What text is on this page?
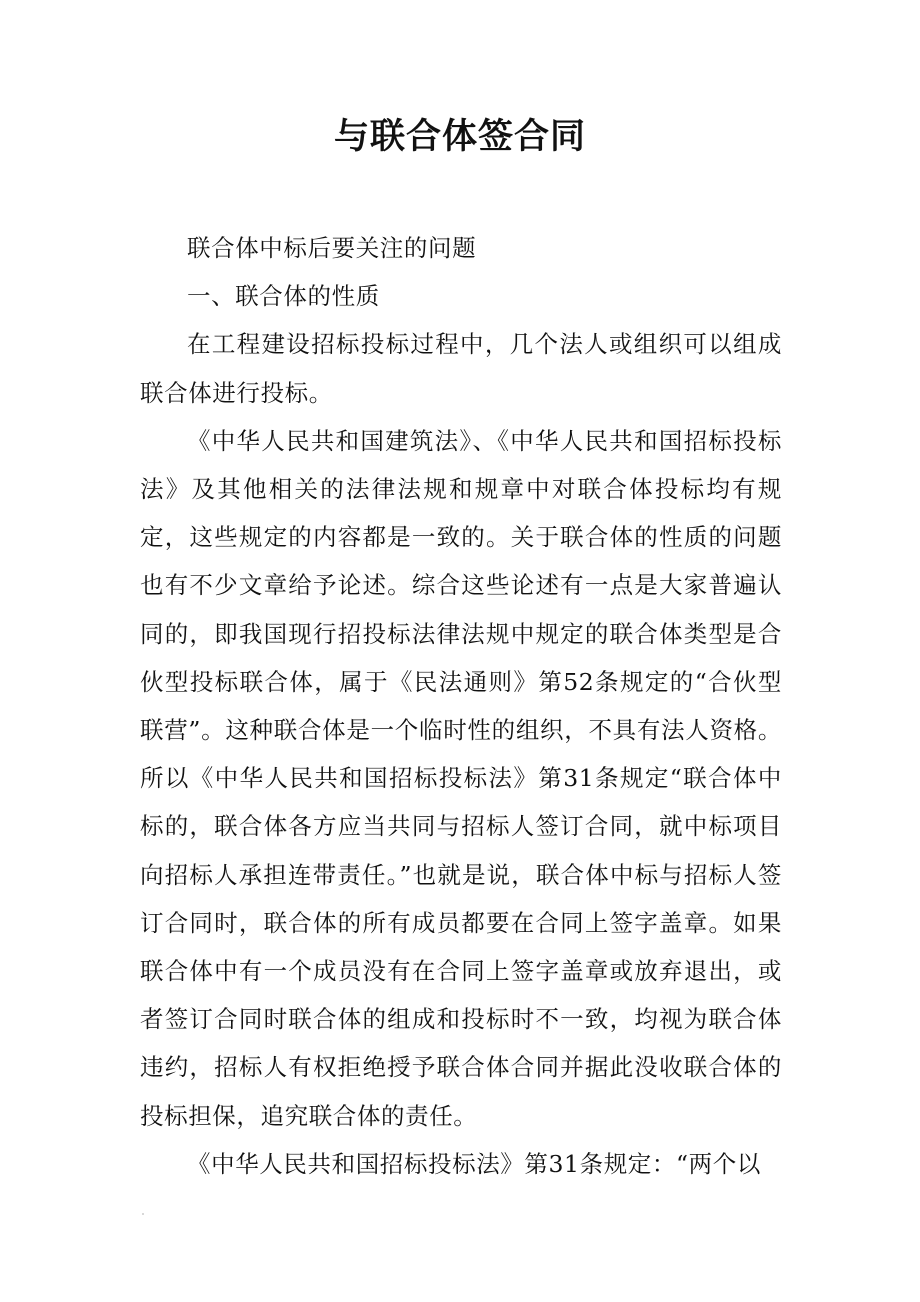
与联合体签合同

联合体中标后要关注的问题

一、联合体的性质

在工程建设招标投标过程中，几个法人或组织可以组成联合体进行投标。

《中华人民共和国建筑法》、《中华人民共和国招标投标法》及其他相关的法律法规和规章中对联合体投标均有规定，这些规定的内容都是一致的。关于联合体的性质的问题也有不少文章给予论述。综合这些论述有一点是大家普遍认同的，即我国现行招投标法律法规中规定的联合体类型是合伙型投标联合体，属于《民法通则》第52条规定的“合伙型联营”。这种联合体是一个临时性的组织，不具有法人资格。所以《中华人民共和国招标投标法》第31条规定“联合体中标的，联合体各方应当共同与招标人签订合同，就中标项目向招标人承担连带责任。”也就是说，联合体中标与招标人签订合同时，联合体的所有成员都要在合同上签字盖章。如果联合体中有一个成员没有在合同上签字盖章或放弃退出，或者签订合同时联合体的组成和投标时不一致，均视为联合体违约，招标人有权拒绝授予联合体合同并据此没收联合体的投标担保，追究联合体的责任。

《中华人民共和国招标投标法》第31条规定：“两个以
